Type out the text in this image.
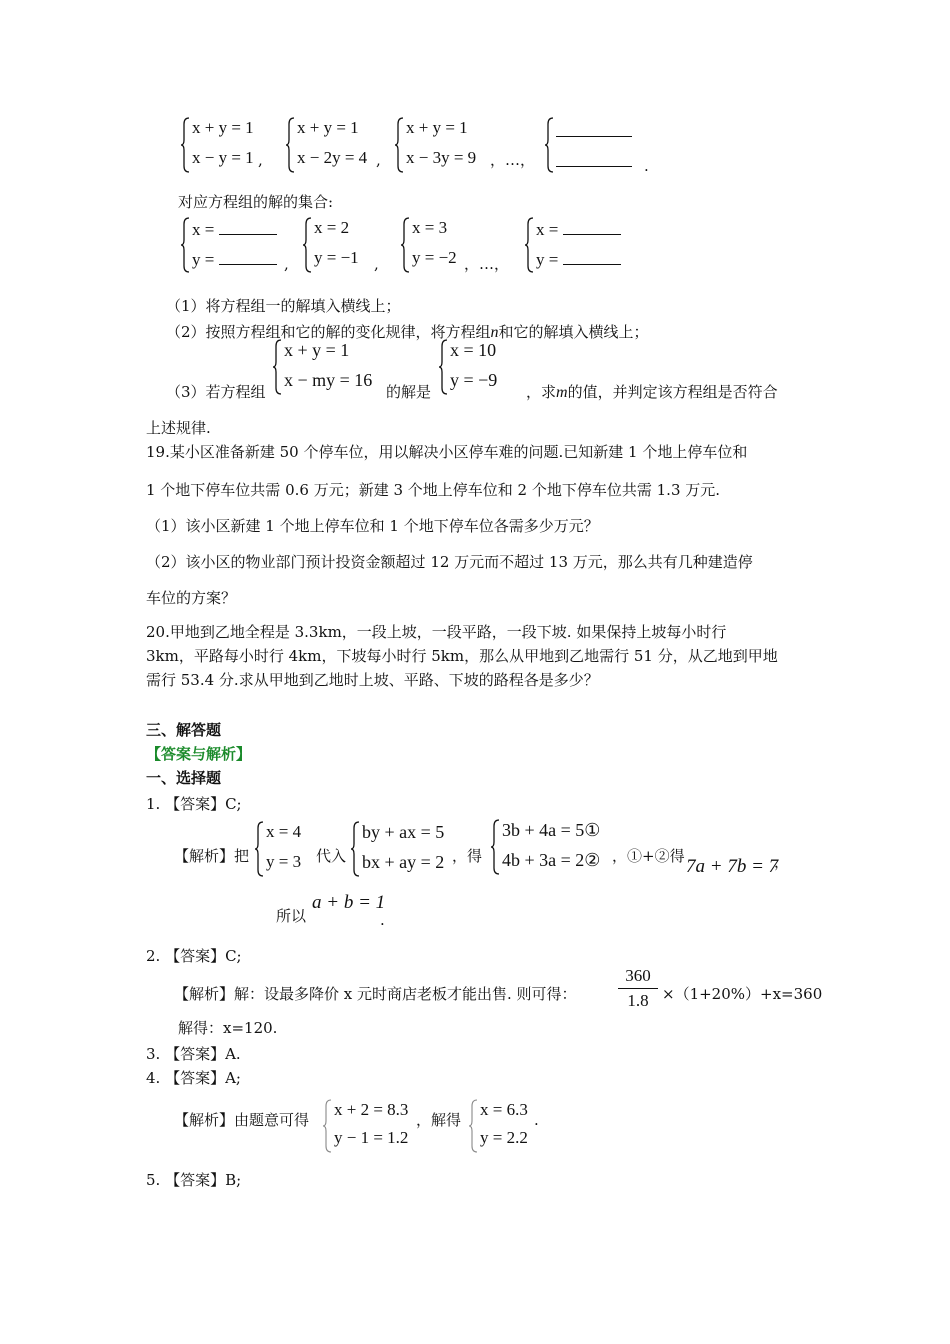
x + y = 1
x − y = 1 ,
x + y = 1
x − 2y = 4 ,
x + y = 1
x − 3y = 9 ，…，	.
对应方程组的解的集合:
x =
y =	,
x = 2
y = −1 ,
x = 3
y = −2 ，…，
x =
y =
（1）将方程组一的解填入横线上；
（2）按照方程组和它的解的变化规律，将方程组n和它的解填入横线上；
（3）若方程组
x + y = 1
x − my = 16
的解是
x = 10
y = −9
，求m的值，并判定该方程组是否符合
上述规律.
19.某小区准备新建 50 个停车位，用以解决小区停车难的问题.已知新建 1 个地上停车位和
1 个地下停车位共需 0.6 万元；新建 3 个地上停车位和 2 个地下停车位共需 1.3 万元.
（1）该小区新建 1 个地上停车位和 1 个地下停车位各需多少万元？
（2）该小区的物业部门预计投资金额超过 12 万元而不超过 13 万元，那么共有几种建造停
车位的方案？
20.甲地到乙地全程是 3.3km，一段上坡，一段平路，一段下坡. 如果保持上坡每小时行
3km，平路每小时行 4km，下坡每小时行 5km，那么从甲地到乙地需行 51 分，从乙地到甲地
需行 53.4 分.求从甲地到乙地时上坡、平路、下坡的路程各是多少？
三、解答题
【答案与解析】
一、选择题
1. 【答案】C;
【解析】把
x = 4
y = 3 代入
by + ax = 5
bx + ay = 2 ，得
3b + 4a = 5①
4b + 3a = 2② ，①+②得 7a + 7b = 7
，
所以
a + b = 1
.
2. 【答案】C;
【解析】解：设最多降价 x 元时商店老板才能出售. 则可得：
360
1.8 ×（1+20%）+x=360
解得：x=120.
3. 【答案】A.
4. 【答案】A;
【解析】由题意可得
x + 2 = 8.3
y − 1 = 1.2
，解得
x = 6.3
y = 2.2
.
5. 【答案】B;
